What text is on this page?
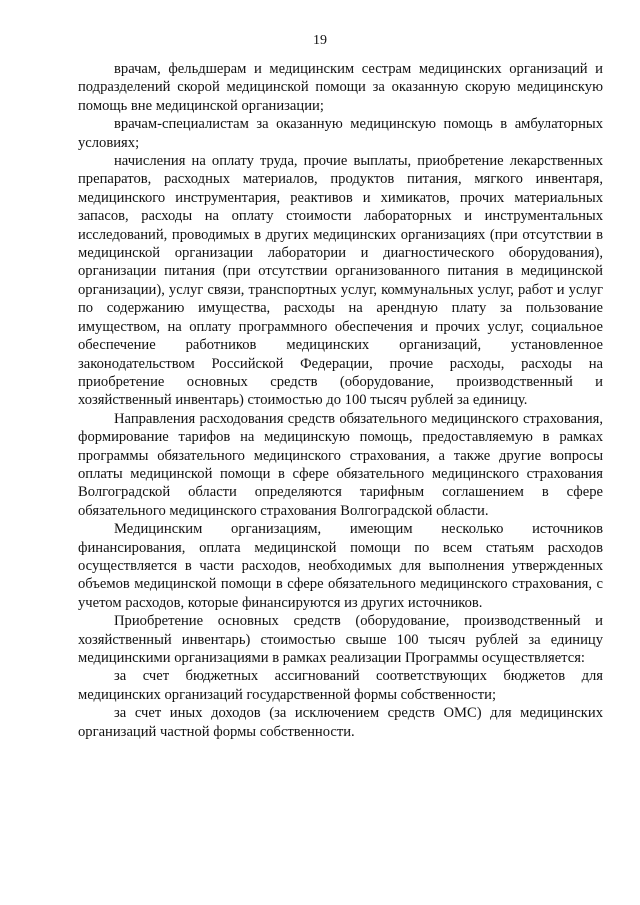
19

врачам, фельдшерам и медицинским сестрам медицинских организаций и подразделений скорой медицинской помощи за оказанную скорую медицинскую помощь вне медицинской организации;

врачам-специалистам за оказанную медицинскую помощь в амбулаторных условиях;

начисления на оплату труда, прочие выплаты, приобретение лекарственных препаратов, расходных материалов, продуктов питания, мягкого инвентаря, медицинского инструментария, реактивов и химикатов, прочих материальных запасов, расходы на оплату стоимости лабораторных и инструментальных исследований, проводимых в других медицинских организациях (при отсутствии в медицинской организации лаборатории и диагностического оборудования), организации питания (при отсутствии организованного питания в медицинской организации), услуг связи, транспортных услуг, коммунальных услуг, работ и услуг по содержанию имущества, расходы на арендную плату за пользование имуществом, на оплату программного обеспечения и прочих услуг, социальное обеспечение работников медицинских организаций, установленное законодательством Российской Федерации, прочие расходы, расходы на приобретение основных средств (оборудование, производственный и хозяйственный инвентарь) стоимостью до 100 тысяч рублей за единицу.

Направления расходования средств обязательного медицинского страхования, формирование тарифов на медицинскую помощь, предоставляемую в рамках программы обязательного медицинского страхования, а также другие вопросы оплаты медицинской помощи в сфере обязательного медицинского страхования Волгоградской области определяются тарифным соглашением в сфере обязательного медицинского страхования Волгоградской области.

Медицинским организациям, имеющим несколько источников финансирования, оплата медицинской помощи по всем статьям расходов осуществляется в части расходов, необходимых для выполнения утвержденных объемов медицинской помощи в сфере обязательного медицинского страхования, с учетом расходов, которые финансируются из других источников.

Приобретение основных средств (оборудование, производственный и хозяйственный инвентарь) стоимостью свыше 100 тысяч рублей за единицу медицинскими организациями в рамках реализации Программы осуществляется:

за счет бюджетных ассигнований соответствующих бюджетов для медицинских организаций государственной формы собственности;

за счет иных доходов (за исключением средств ОМС) для медицинских организаций частной формы собственности.
